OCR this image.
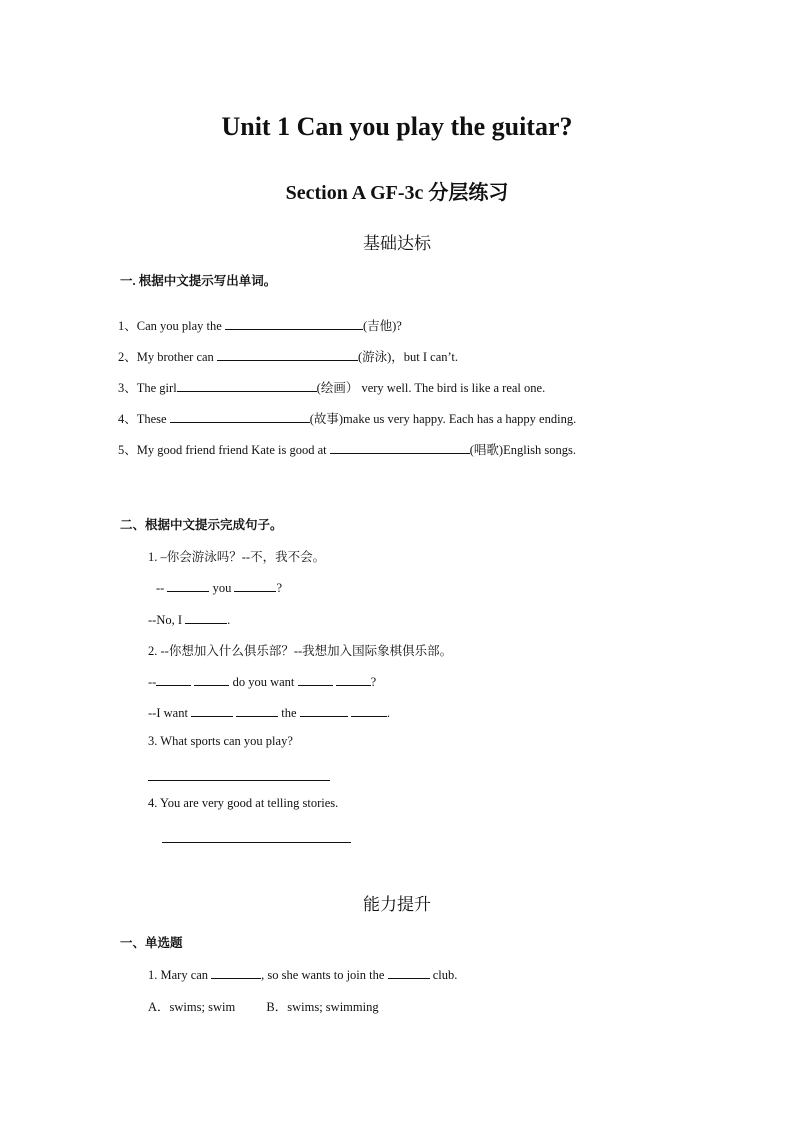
Unit 1 Can you play the guitar?
Section A GF-3c 分层练习
基础达标
一. 根据中文提示写出单词。
1、Can you play the	(吉他)?
2、My brother can	(游泳)，but I can’t.
3、The girl	(绘画） very well. The bird is like a real one.
4、These	(故事)make us very happy. Each has a happy ending.
5、My good friend friend Kate is good at	(唱歌)English songs.
二、根据中文提示完成句子。
1. –你会游泳吗？--不，我不会。
--	you	?
--No, I	.
2. --你想加入什么俱乐部？--我想加入国际象棋俱乐部。
--	do you want	?
--I want	the	.
3. What sports can you play?
4. You are very good at telling stories.
能力提升
一、单选题
1. Mary can	, so she wants to join the	club.
A．swims; swim          B．swims; swimming
